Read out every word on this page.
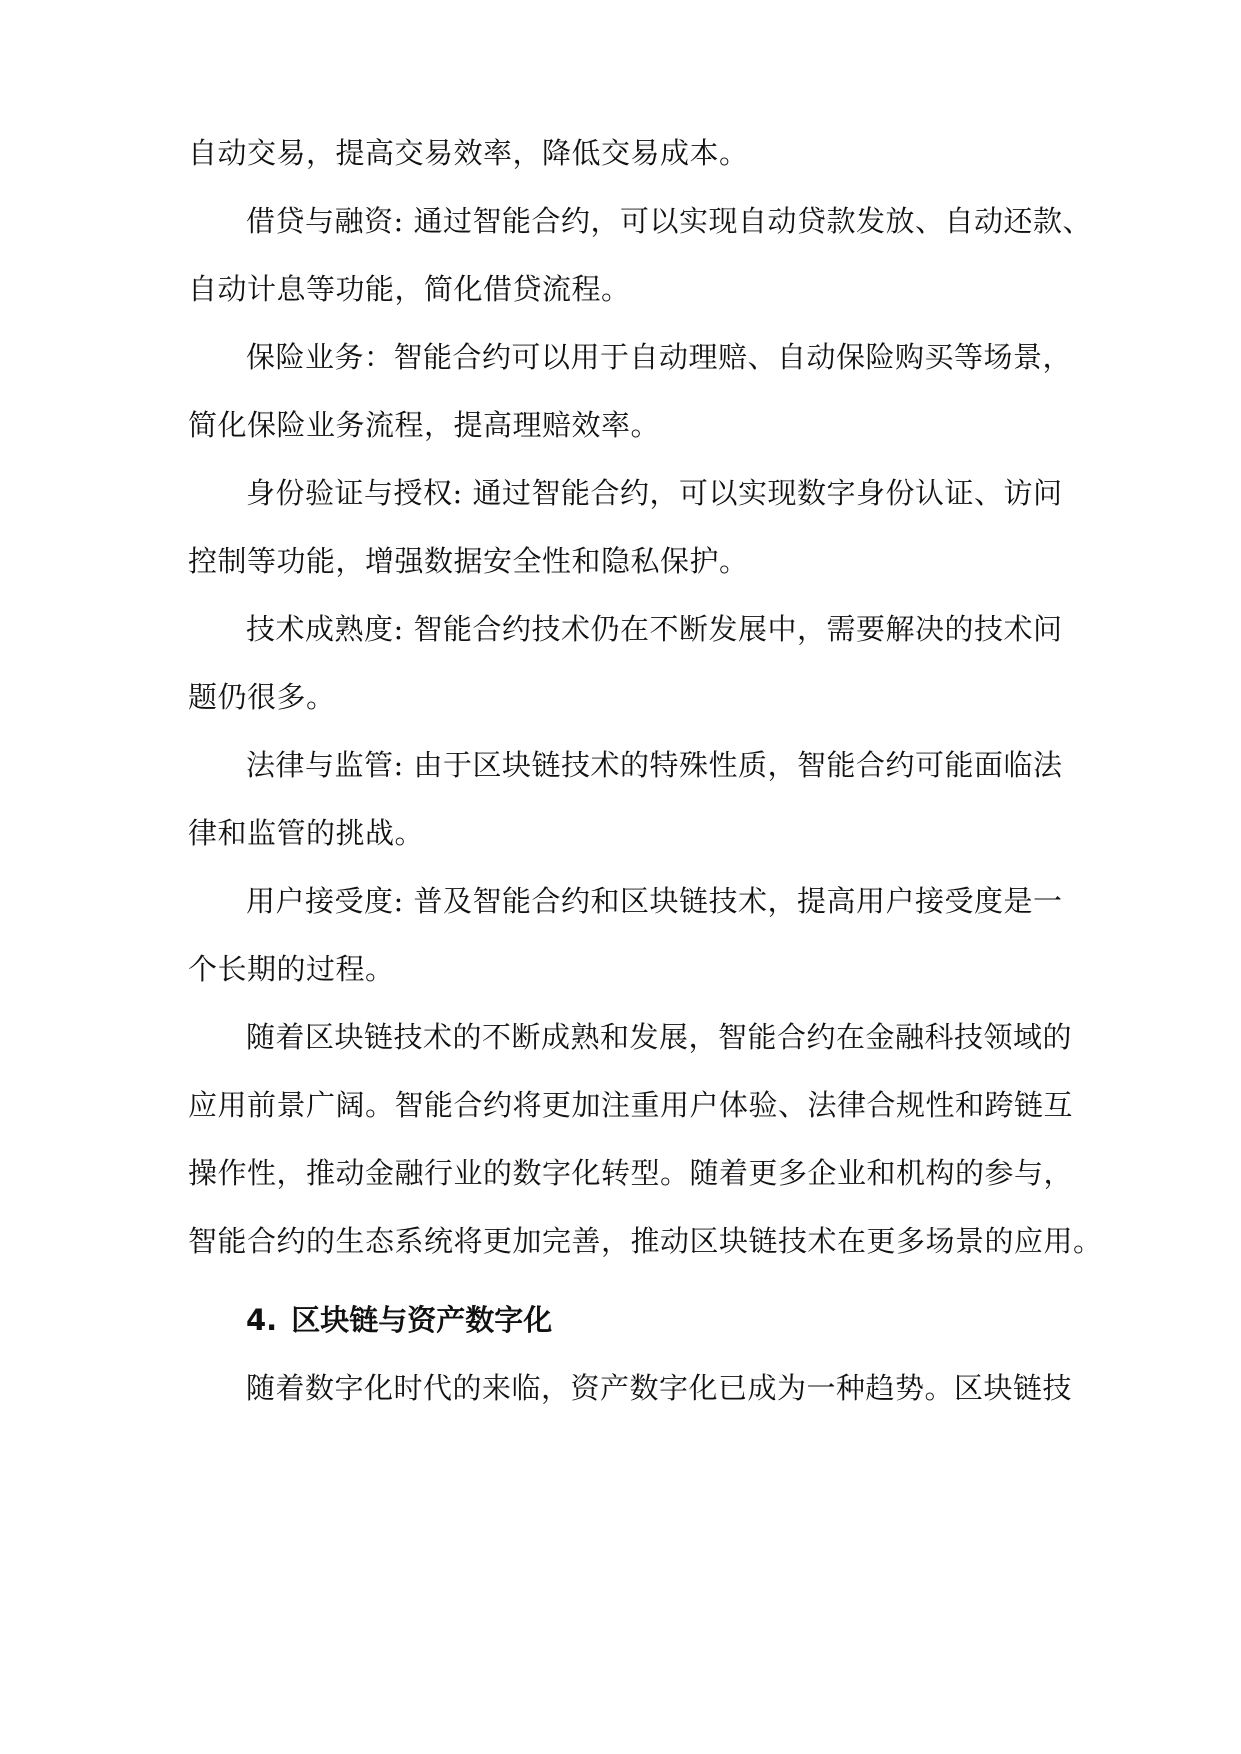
自动交易，提高交易效率，降低交易成本。
借贷与融资: 通过智能合约，可以实现自动贷款发放、自动还款、
自动计息等功能，简化借贷流程。
保险业务：智能合约可以用于自动理赔、自动保险购买等场景，
简化保险业务流程，提高理赔效率。
身份验证与授权: 通过智能合约，可以实现数字身份认证、访问
控制等功能，增强数据安全性和隐私保护。
技术成熟度: 智能合约技术仍在不断发展中，需要解决的技术问
题仍很多。
法律与监管: 由于区块链技术的特殊性质，智能合约可能面临法
律和监管的挑战。
用户接受度: 普及智能合约和区块链技术，提高用户接受度是一
个长期的过程。
随着区块链技术的不断成熟和发展，智能合约在金融科技领域的
应用前景广阔。智能合约将更加注重用户体验、法律合规性和跨链互
操作性，推动金融行业的数字化转型。随着更多企业和机构的参与，
智能合约的生态系统将更加完善，推动区块链技术在更多场景的应用。
4. 区块链与资产数字化
随着数字化时代的来临，资产数字化已成为一种趋势。区块链技
